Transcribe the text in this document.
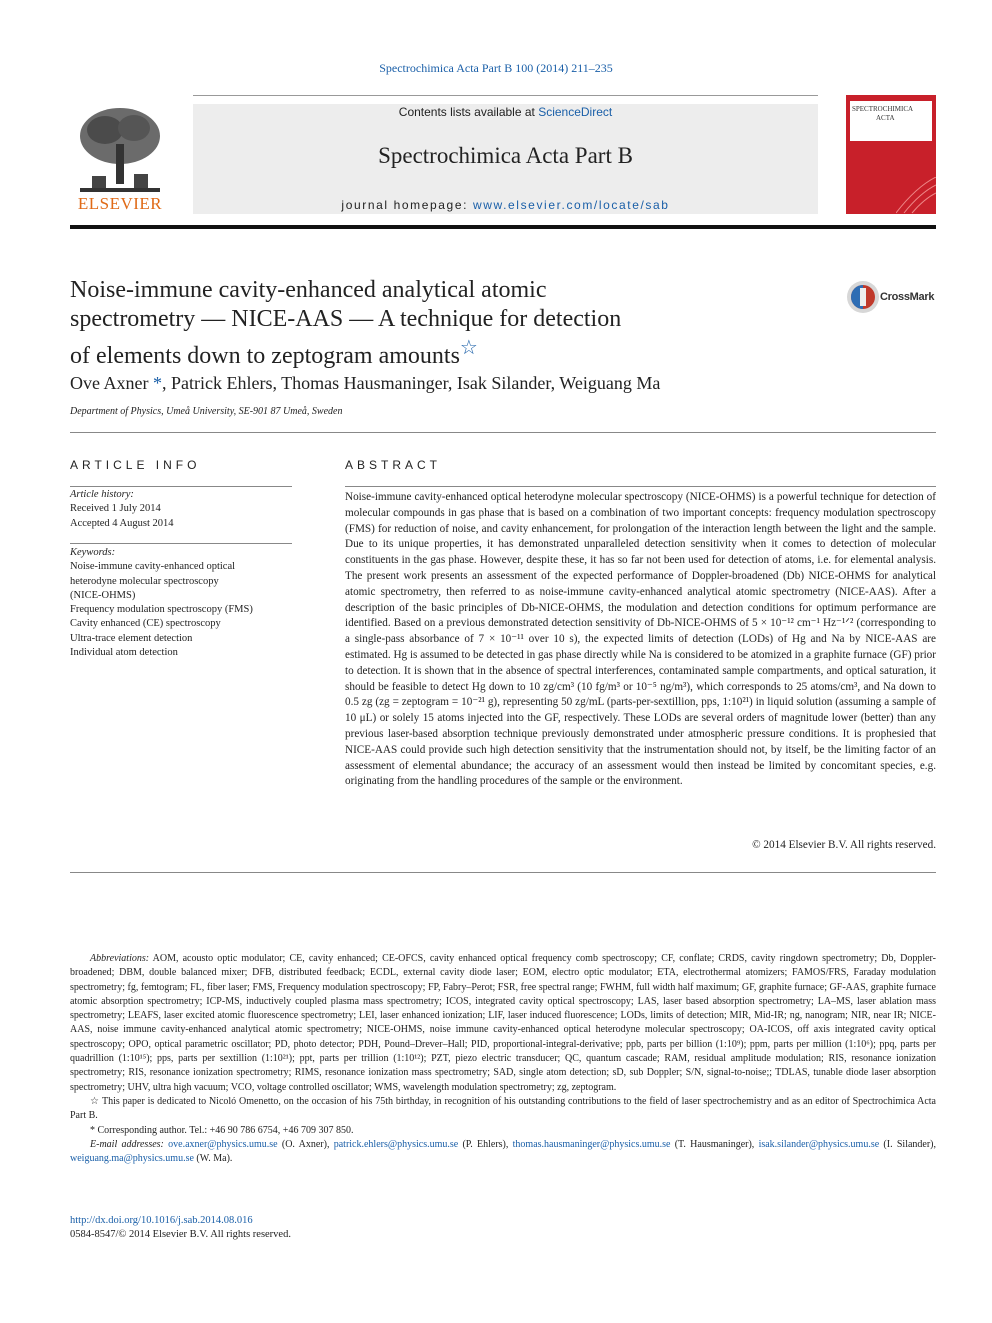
Spectrochimica Acta Part B 100 (2014) 211–235
ELSEVIER
Contents lists available at ScienceDirect
Spectrochimica Acta Part B
journal homepage: www.elsevier.com/locate/sab
SPECTROCHIMICA
ACTA
Noise-immune cavity-enhanced analytical atomic
spectrometry — NICE-AAS — A technique for detection
of elements down to zeptogram amounts☆
CrossMark
Ove Axner *, Patrick Ehlers, Thomas Hausmaninger, Isak Silander, Weiguang Ma
Department of Physics, Umeå University, SE-901 87 Umeå, Sweden
ARTICLE INFO
Article history:
Received 1 July 2014
Accepted 4 August 2014
Keywords:
Noise-immune cavity-enhanced optical
heterodyne molecular spectroscopy
(NICE-OHMS)
Frequency modulation spectroscopy (FMS)
Cavity enhanced (CE) spectroscopy
Ultra-trace element detection
Individual atom detection
ABSTRACT
Noise-immune cavity-enhanced optical heterodyne molecular spectroscopy (NICE-OHMS) is a powerful technique for detection of molecular compounds in gas phase that is based on a combination of two important concepts: frequency modulation spectroscopy (FMS) for reduction of noise, and cavity enhancement, for prolongation of the interaction length between the light and the sample. Due to its unique properties, it has demonstrated unparalleled detection sensitivity when it comes to detection of molecular constituents in the gas phase. However, despite these, it has so far not been used for detection of atoms, i.e. for elemental analysis. The present work presents an assessment of the expected performance of Doppler-broadened (Db) NICE-OHMS for analytical atomic spectrometry, then referred to as noise-immune cavity-enhanced analytical atomic spectrometry (NICE-AAS). After a description of the basic principles of Db-NICE-OHMS, the modulation and detection conditions for optimum performance are identified. Based on a previous demonstrated detection sensitivity of Db-NICE-OHMS of 5 × 10⁻¹² cm⁻¹ Hz⁻¹ᐟ² (corresponding to a single-pass absorbance of 7 × 10⁻¹¹ over 10 s), the expected limits of detection (LODs) of Hg and Na by NICE-AAS are estimated. Hg is assumed to be detected in gas phase directly while Na is considered to be atomized in a graphite furnace (GF) prior to detection. It is shown that in the absence of spectral interferences, contaminated sample compartments, and optical saturation, it should be feasible to detect Hg down to 10 zg/cm³ (10 fg/m³ or 10⁻⁵ ng/m³), which corresponds to 25 atoms/cm³, and Na down to 0.5 zg (zg = zeptogram = 10⁻²¹ g), representing 50 zg/mL (parts-per-sextillion, pps, 1:10²¹) in liquid solution (assuming a sample of 10 μL) or solely 15 atoms injected into the GF, respectively. These LODs are several orders of magnitude lower (better) than any previous laser-based absorption technique previously demonstrated under atmospheric pressure conditions. It is prophesied that NICE-AAS could provide such high detection sensitivity that the instrumentation should not, by itself, be the limiting factor of an assessment of elemental abundance; the accuracy of an assessment would then instead be limited by concomitant species, e.g. originating from the handling procedures of the sample or the environment.
© 2014 Elsevier B.V. All rights reserved.
Abbreviations: AOM, acousto optic modulator; CE, cavity enhanced; CE-OFCS, cavity enhanced optical frequency comb spectroscopy; CF, conflate; CRDS, cavity ringdown spectrometry; Db, Doppler-broadened; DBM, double balanced mixer; DFB, distributed feedback; ECDL, external cavity diode laser; EOM, electro optic modulator; ETA, electrothermal atomizers; FAMOS/FRS, Faraday modulation spectrometry; fg, femtogram; FL, fiber laser; FMS, Frequency modulation spectroscopy; FP, Fabry–Perot; FSR, free spectral range; FWHM, full width half maximum; GF, graphite furnace; GF-AAS, graphite furnace atomic absorption spectrometry; ICP-MS, inductively coupled plasma mass spectrometry; ICOS, integrated cavity optical spectroscopy; LAS, laser based absorption spectrometry; LA–MS, laser ablation mass spectrometry; LEAFS, laser excited atomic fluorescence spectrometry; LEI, laser enhanced ionization; LIF, laser induced fluorescence; LODs, limits of detection; MIR, Mid-IR; ng, nanogram; NIR, near IR; NICE-AAS, noise immune cavity-enhanced analytical atomic spectrometry; NICE-OHMS, noise immune cavity-enhanced optical heterodyne molecular spectroscopy; OA-ICOS, off axis integrated cavity optical spectroscopy; OPO, optical parametric oscillator; PD, photo detector; PDH, Pound–Drever–Hall; PID, proportional-integral-derivative; ppb, parts per billion (1:10⁹); ppm, parts per million (1:10⁶); ppq, parts per quadrillion (1:10¹⁵); pps, parts per sextillion (1:10²¹); ppt, parts per trillion (1:10¹²); PZT, piezo electric transducer; QC, quantum cascade; RAM, residual amplitude modulation; RIS, resonance ionization spectrometry; RIS, resonance ionization spectrometry; RIMS, resonance ionization mass spectrometry; SAD, single atom detection; sD, sub Doppler; S/N, signal-to-noise;; TDLAS, tunable diode laser absorption spectrometry; UHV, ultra high vacuum; VCO, voltage controlled oscillator; WMS, wavelength modulation spectrometry; zg, zeptogram.
☆ This paper is dedicated to Nicoló Omenetto, on the occasion of his 75th birthday, in recognition of his outstanding contributions to the field of laser spectrochemistry and as an editor of Spectrochimica Acta Part B.
* Corresponding author. Tel.: +46 90 786 6754, +46 709 307 850.
E-mail addresses: ove.axner@physics.umu.se (O. Axner), patrick.ehlers@physics.umu.se (P. Ehlers), thomas.hausmaninger@physics.umu.se (T. Hausmaninger), isak.silander@physics.umu.se (I. Silander), weiguang.ma@physics.umu.se (W. Ma).
http://dx.doi.org/10.1016/j.sab.2014.08.016
0584-8547/© 2014 Elsevier B.V. All rights reserved.
